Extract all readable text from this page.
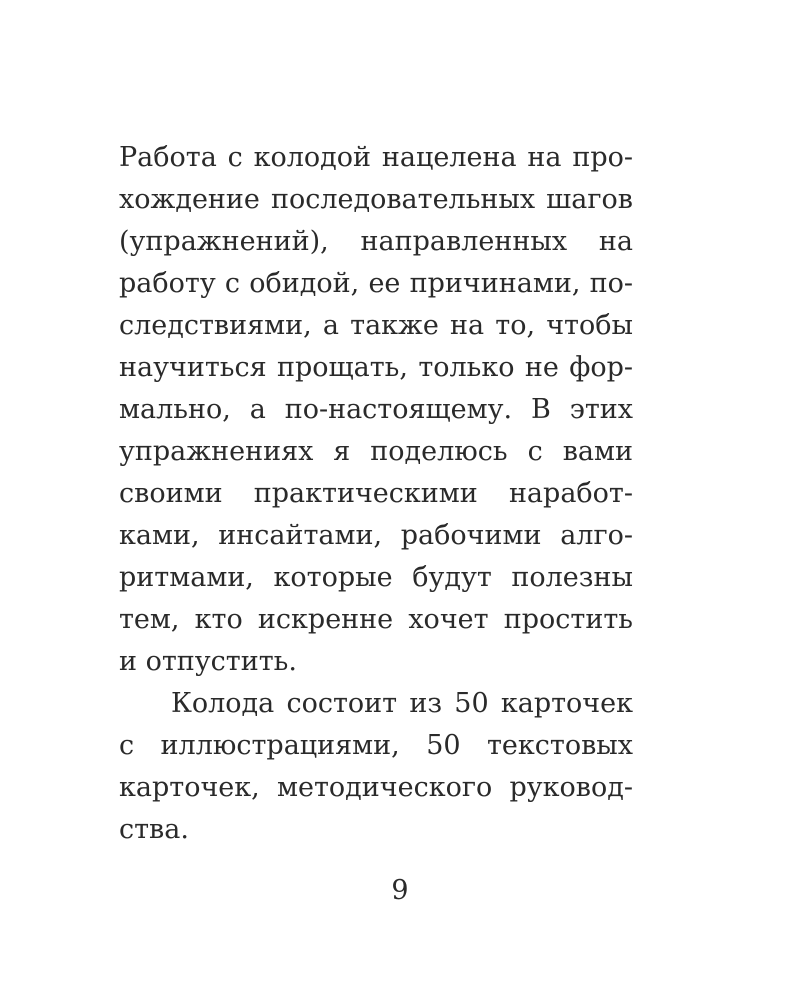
Работа с колодой нацелена на про-
хождение последовательных шагов
(упражнений), направленных на
работу с обидой, ее причинами, по-
следствиями, а также на то, чтобы
научиться прощать, только не фор-
мально, а по-настоящему. В этих
упражнениях я поделюсь с вами
своими практическими наработ-
ками, инсайтами, рабочими алго-
ритмами, которые будут полезны
тем, кто искренне хочет простить
и отпустить.
Колода состоит из 50 карточек
с иллюстрациями, 50 текстовых
карточек, методического руковод-
ства.
9
